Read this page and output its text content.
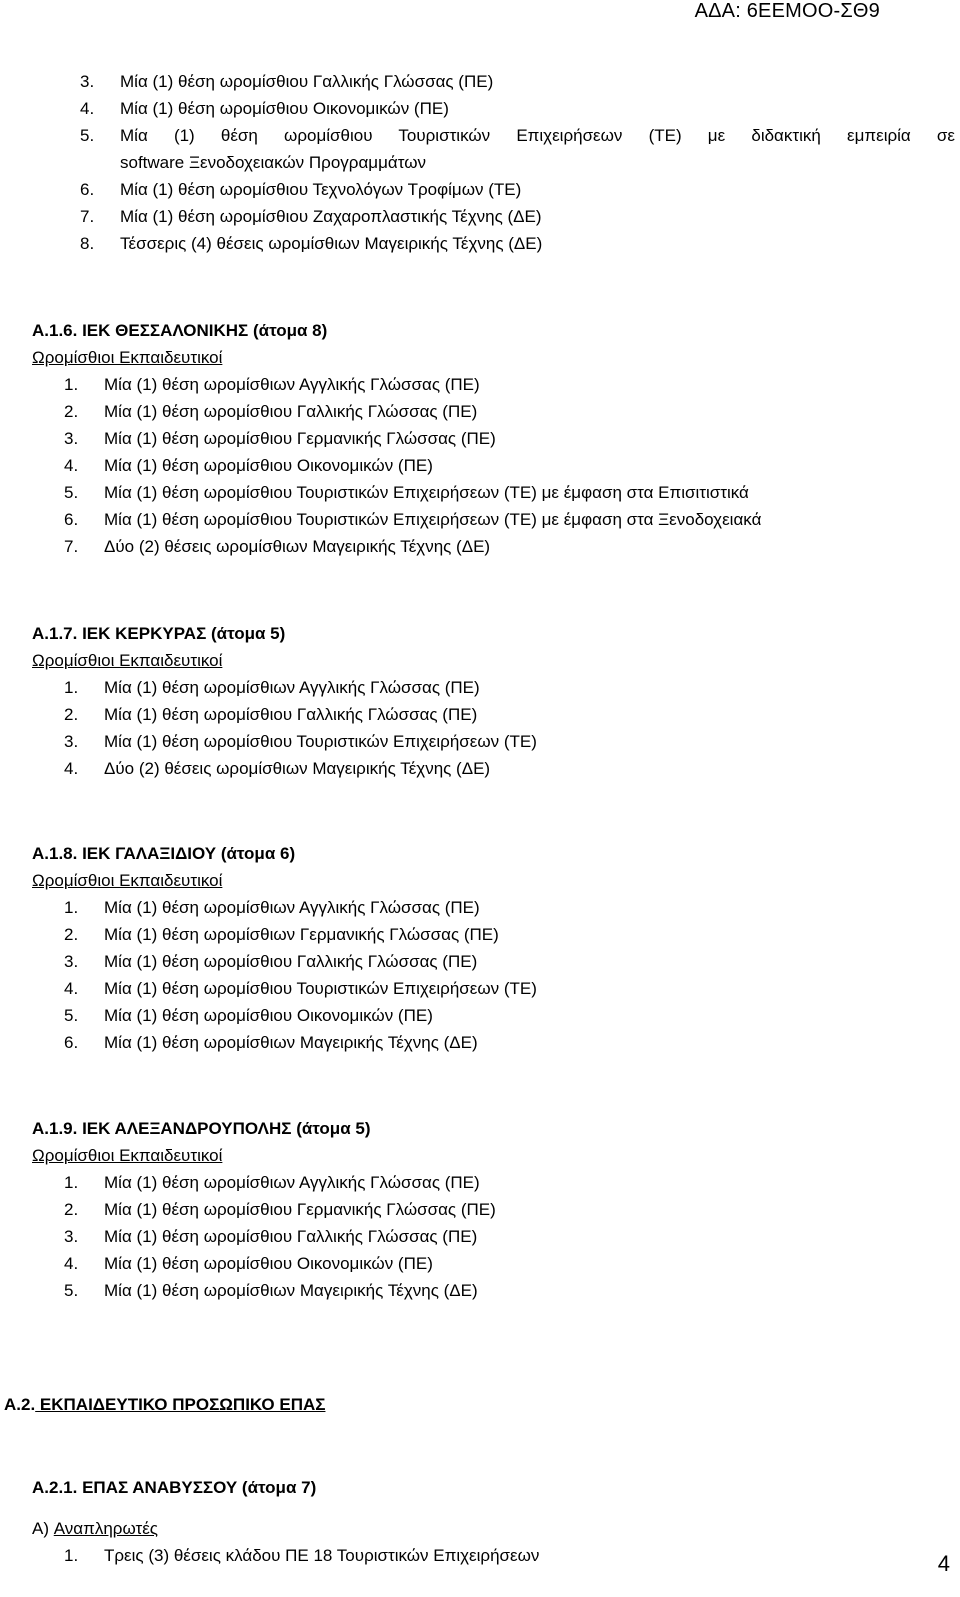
ΑΔΑ: 6ΕΕΜΟΟ-ΣΘ9
3.	Μία (1) θέση ωρομίσθιου Γαλλικής Γλώσσας (ΠΕ)
4.	Μία (1) θέση ωρομίσθιου Οικονομικών (ΠΕ)
5.	Μία (1) θέση ωρομίσθιου Τουριστικών Επιχειρήσεων (ΤΕ) με διδακτική εμπειρία σε
software Ξενοδοχειακών Προγραμμάτων
6.	Μία (1) θέση ωρομίσθιου Τεχνολόγων Τροφίμων (ΤΕ)
7.	Μία (1) θέση ωρομίσθιου Ζαχαροπλαστικής Τέχνης (ΔΕ)
8.	Τέσσερις (4) θέσεις ωρομίσθιων Μαγειρικής Τέχνης (ΔΕ)
Α.1.6. ΙΕΚ ΘΕΣΣΑΛΟΝΙΚΗΣ (άτομα 8)
Ωρομίσθιοι Εκπαιδευτικοί
1.	Μία (1) θέση ωρομίσθιων Αγγλικής Γλώσσας (ΠΕ)
2.	Μία (1) θέση ωρομίσθιου Γαλλικής Γλώσσας (ΠΕ)
3.	Μία (1) θέση ωρομίσθιου Γερμανικής Γλώσσας (ΠΕ)
4.	Μία (1) θέση ωρομίσθιου Οικονομικών (ΠΕ)
5.	Μία (1) θέση ωρομίσθιου Τουριστικών Επιχειρήσεων (ΤΕ) με έμφαση στα Επισιτιστικά
6.	Μία (1) θέση ωρομίσθιου Τουριστικών Επιχειρήσεων (ΤΕ) με έμφαση στα Ξενοδοχειακά
7.	Δύο (2) θέσεις ωρομίσθιων Μαγειρικής Τέχνης (ΔΕ)
Α.1.7. ΙΕΚ ΚΕΡΚΥΡΑΣ (άτομα 5)
Ωρομίσθιοι Εκπαιδευτικοί
1.	Μία (1) θέση ωρομίσθιων Αγγλικής Γλώσσας (ΠΕ)
2.	Μία (1) θέση ωρομίσθιου Γαλλικής Γλώσσας (ΠΕ)
3.	Μία (1) θέση ωρομίσθιου Τουριστικών Επιχειρήσεων (ΤΕ)
4.	Δύο (2) θέσεις ωρομίσθιων Μαγειρικής Τέχνης (ΔΕ)
Α.1.8. ΙΕΚ ΓΑΛΑΞΙΔΙΟΥ (άτομα 6)
Ωρομίσθιοι Εκπαιδευτικοί
1.	Μία (1) θέση ωρομίσθιων Αγγλικής Γλώσσας (ΠΕ)
2.	Μία (1) θέση ωρομίσθιων Γερμανικής Γλώσσας (ΠΕ)
3.	Μία (1) θέση ωρομίσθιου Γαλλικής Γλώσσας (ΠΕ)
4.	Μία (1) θέση ωρομίσθιου Τουριστικών Επιχειρήσεων (ΤΕ)
5.	Μία (1) θέση ωρομίσθιου Οικονομικών (ΠΕ)
6.	Μία (1) θέση ωρομίσθιων Μαγειρικής Τέχνης (ΔΕ)
Α.1.9. ΙΕΚ ΑΛΕΞΑΝΔΡΟΥΠΟΛΗΣ (άτομα 5)
Ωρομίσθιοι Εκπαιδευτικοί
1.	Μία (1) θέση ωρομίσθιων Αγγλικής Γλώσσας (ΠΕ)
2.	Μία (1) θέση ωρομίσθιου Γερμανικής Γλώσσας (ΠΕ)
3.	Μία (1) θέση ωρομίσθιου Γαλλικής Γλώσσας (ΠΕ)
4.	Μία (1) θέση ωρομίσθιου Οικονομικών (ΠΕ)
5.	Μία (1) θέση ωρομίσθιων Μαγειρικής Τέχνης (ΔΕ)
Α.2. ΕΚΠΑΙΔΕΥΤΙΚΟ ΠΡΟΣΩΠΙΚΟ ΕΠΑΣ
Α.2.1. ΕΠΑΣ ΑΝΑΒΥΣΣΟΥ (άτομα 7)
Α) Αναπληρωτές
1.	Τρεις (3) θέσεις κλάδου ΠΕ 18 Τουριστικών Επιχειρήσεων	4
